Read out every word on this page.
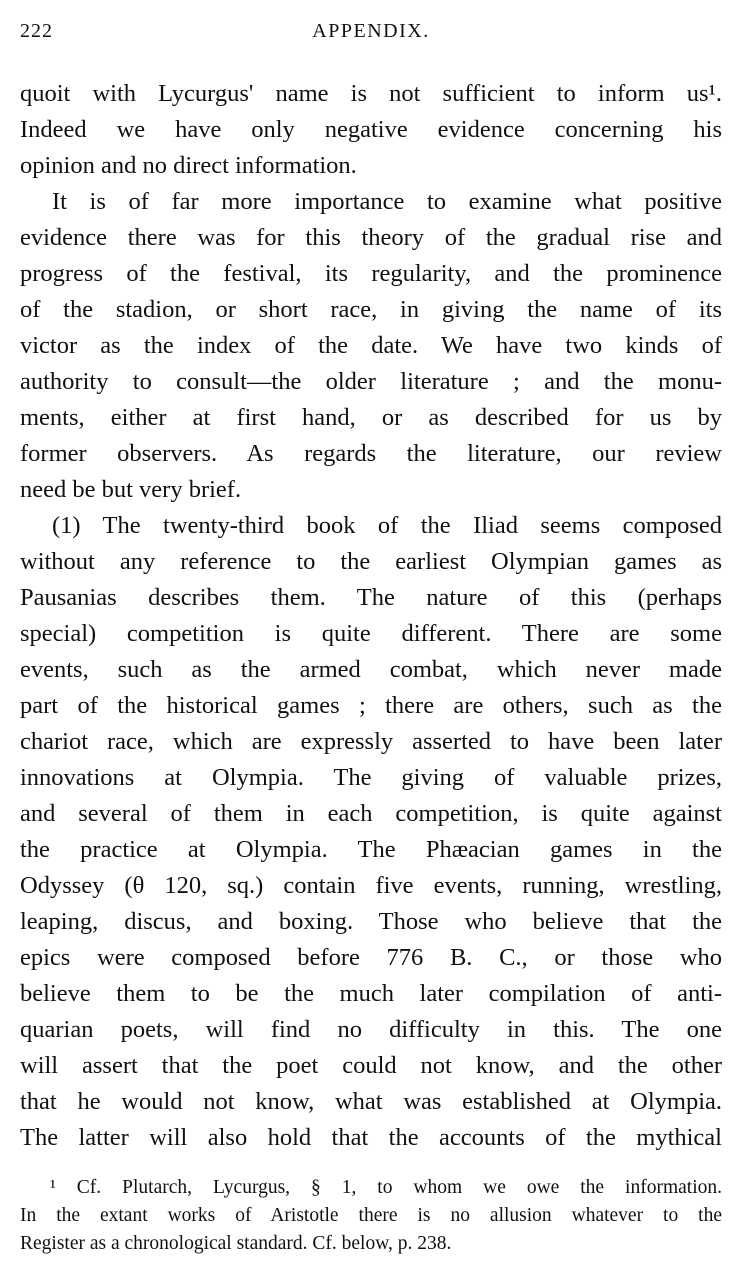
222	APPENDIX.
quoit with Lycurgus' name is not sufficient to inform us¹.
Indeed we have only negative evidence concerning his
opinion and no direct information.
It is of far more importance to examine what positive
evidence there was for this theory of the gradual rise and
progress of the festival, its regularity, and the prominence
of the stadion, or short race, in giving the name of its
victor as the index of the date. We have two kinds of
authority to consult—the older literature ; and the monu-
ments, either at first hand, or as described for us by
former observers. As regards the literature, our review
need be but very brief.
(1) The twenty-third book of the Iliad seems composed
without any reference to the earliest Olympian games as
Pausanias describes them. The nature of this (perhaps
special) competition is quite different. There are some
events, such as the armed combat, which never made
part of the historical games ; there are others, such as the
chariot race, which are expressly asserted to have been later
innovations at Olympia. The giving of valuable prizes,
and several of them in each competition, is quite against
the practice at Olympia. The Phæacian games in the
Odyssey (θ 120, sq.) contain five events, running, wrestling,
leaping, discus, and boxing. Those who believe that the
epics were composed before 776 B. C., or those who
believe them to be the much later compilation of anti-
quarian poets, will find no difficulty in this. The one
will assert that the poet could not know, and the other
that he would not know, what was established at Olympia.
The latter will also hold that the accounts of the mythical
¹ Cf. Plutarch, Lycurgus, § 1, to whom we owe the information.
In the extant works of Aristotle there is no allusion whatever to the
Register as a chronological standard. Cf. below, p. 238.
